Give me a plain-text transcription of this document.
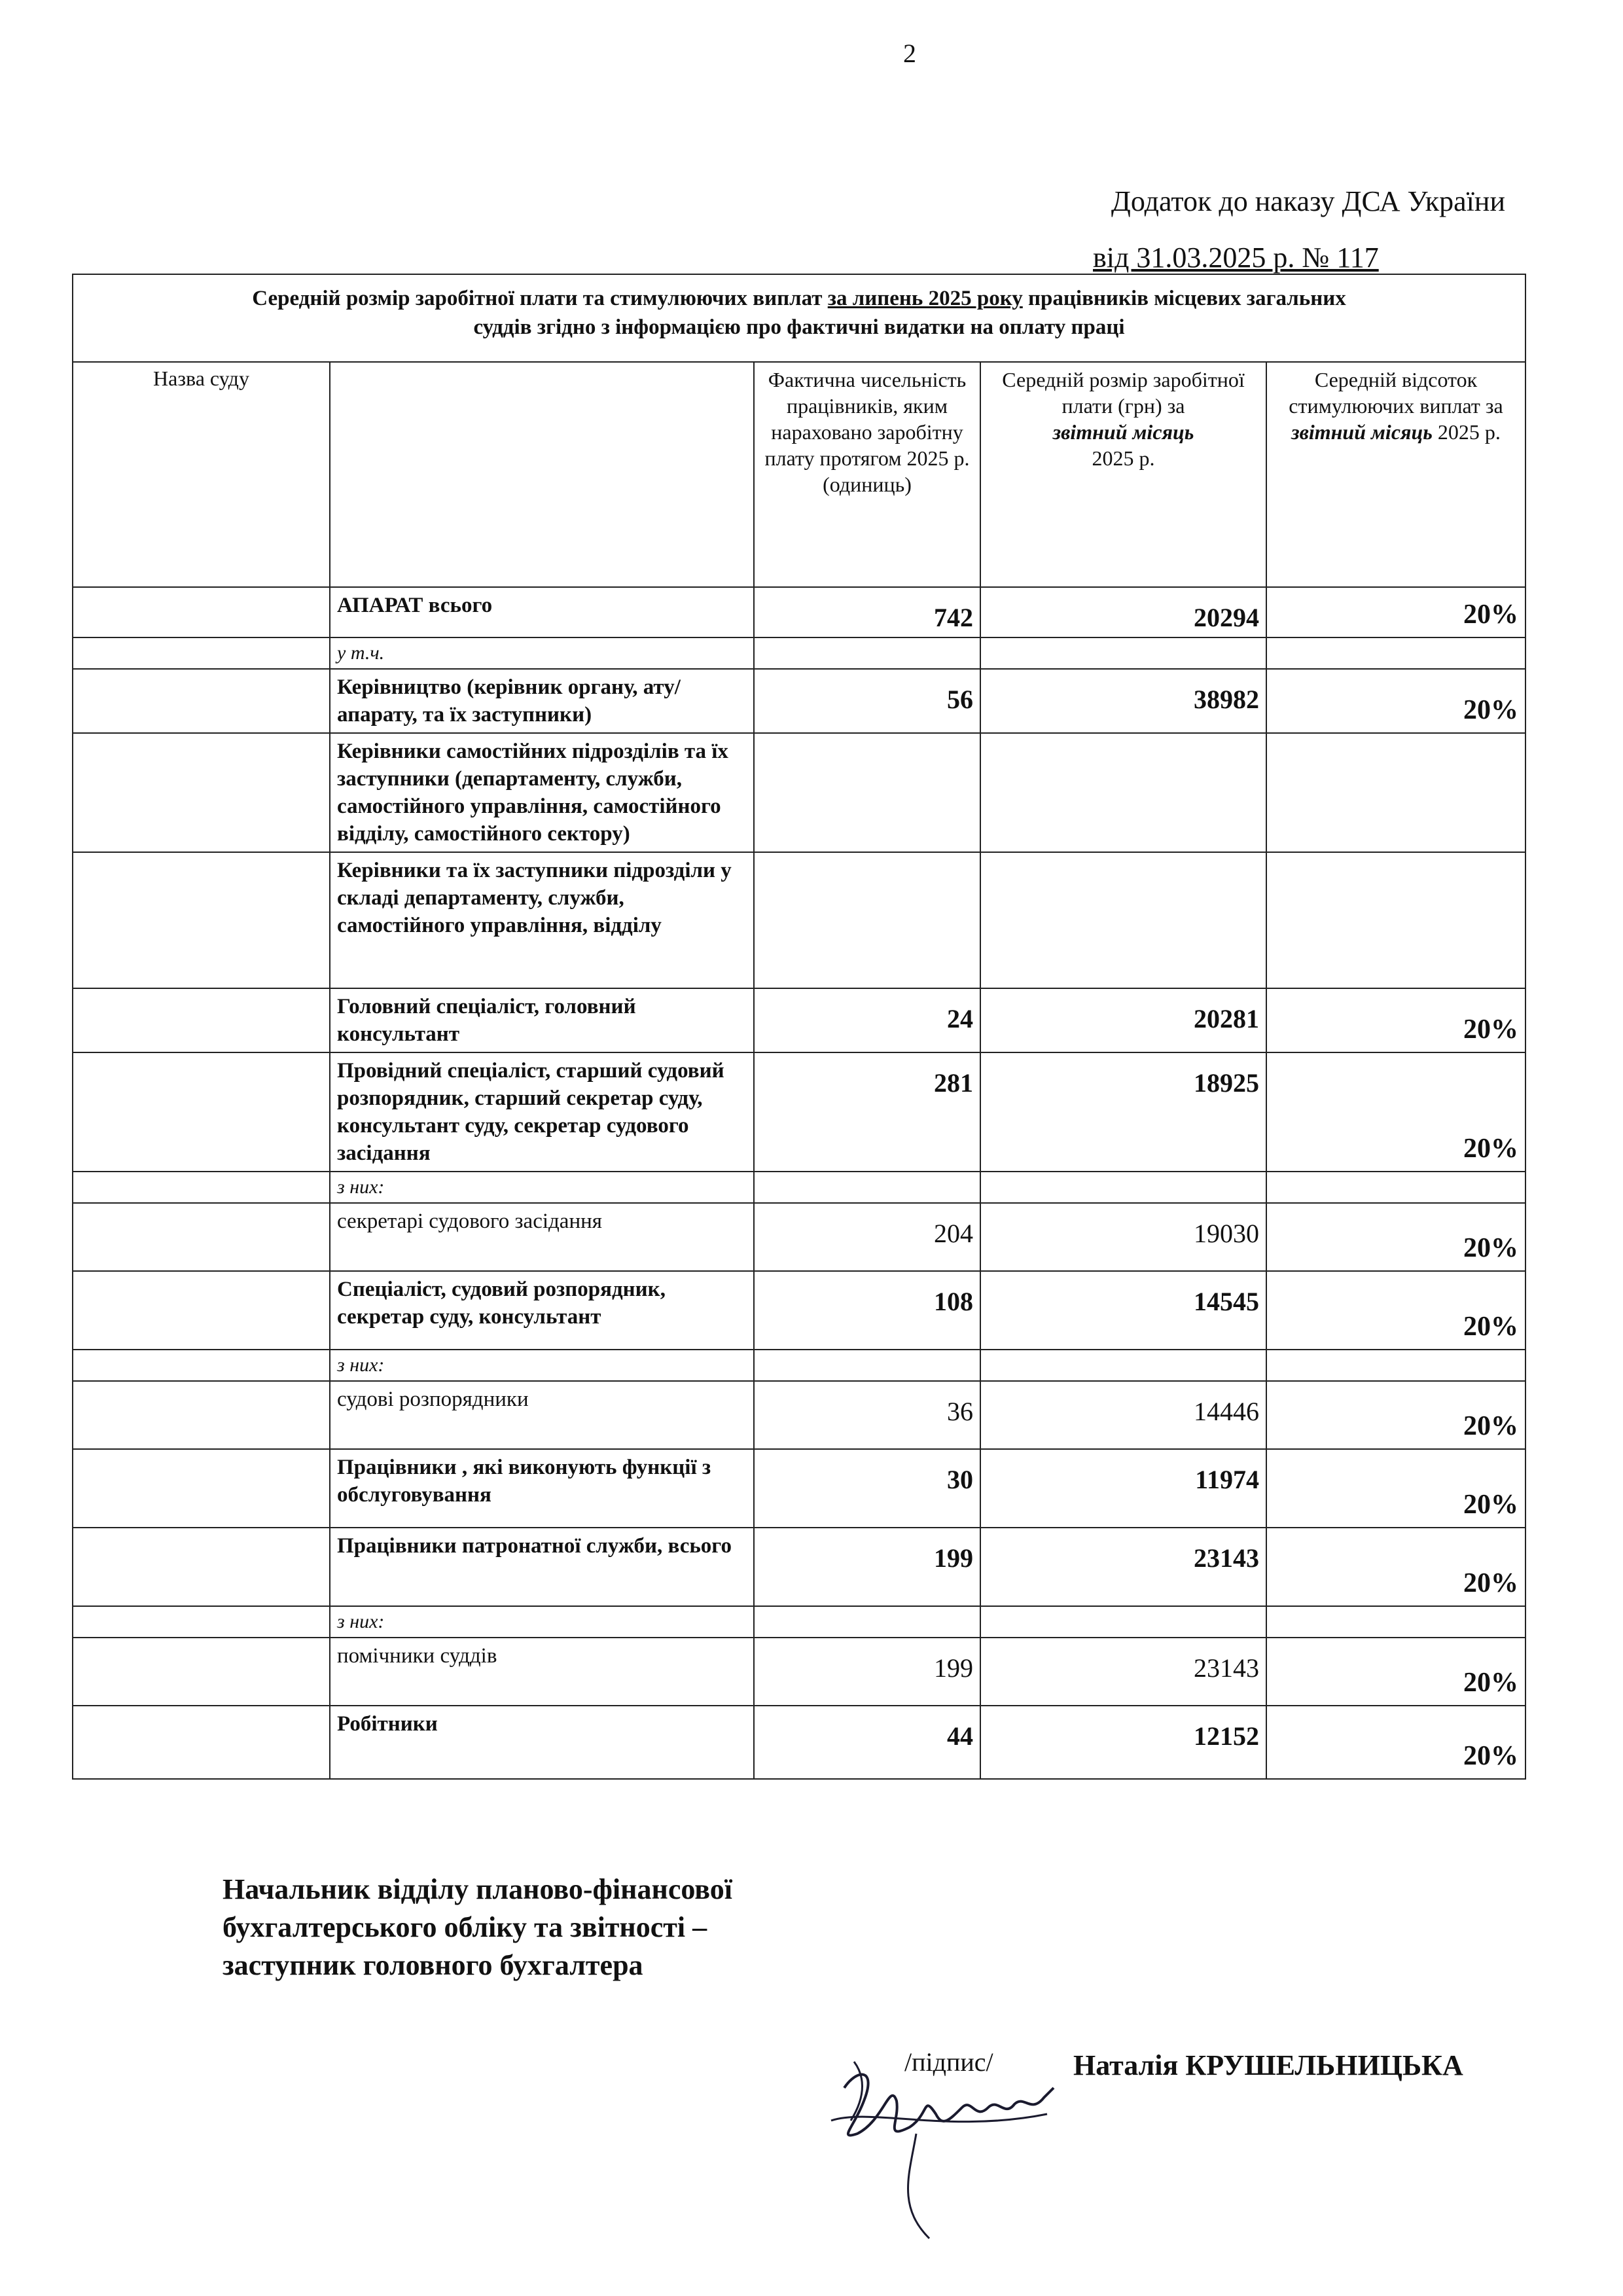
2
Додаток до наказу ДСА України
від 31.03.2025 р. № 117
Середній розмір заробітної плати та стимулюючих виплат за липень 2025 року працівників місцевих загальних
суддів згідно з інформацією про фактичні видатки на оплату праці				
Назва суду		Фактична чисельність працівників, яким нараховано заробітну плату протягом 2025 р. (одиниць)	Середній розмір заробітної плати (грн) за
звітний місяць
2025 р.	Середній відсоток стимулюючих виплат за звітний місяць 2025 р.
	АПАРАТ всього	742	20294	20%
	у т.ч.			
	Керівництво (керівник органу, ату/апарату, та їх заступники)	56	38982	20%
	Керівники самостійних підрозділів та їх заступники (департаменту, служби, самостійного управління, самостійного відділу, самостійного сектору)			
	Керівники та їх заступники підрозділи у складі департаменту, служби, самостійного управління, відділу			
	Головний спеціаліст, головний консультант	24	20281	20%
	Провідний спеціаліст, старший судовий розпорядник, старший секретар суду, консультант суду, секретар судового засідання	281	18925	20%
	з них:			
	секретарі судового засідання	204	19030	20%
	Спеціаліст, судовий розпорядник, секретар суду, консультант	108	14545	20%
	з них:			
	судові розпорядники	36	14446	20%
	Працівники , які виконують функції з обслуговування	30	11974	20%
	Працівники патронатної служби, всього	199	23143	20%
	з них:			
	помічники суддів	199	23143	20%
	Робітники	44	12152	20%
Начальник відділу планово-фінансової
бухгалтерського обліку та звітності –
заступник головного бухгалтера
/підпис/	Наталія КРУШЕЛЬНИЦЬКА
